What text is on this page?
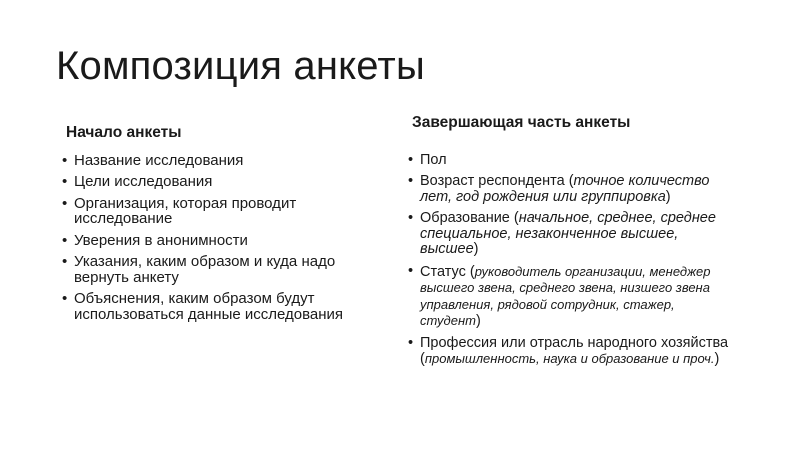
Композиция анкеты
Начало анкеты
• Название исследования
• Цели исследования
• Организация, которая проводит исследование
• Уверения в анонимности
• Указания, каким образом и куда надо вернуть анкету
• Объяснения, каким образом будут использоваться данные исследования
Завершающая часть анкеты
• Пол
• Возраст респондента (точное количество лет, год рождения или группировка)
• Образование (начальное, среднее, среднее специальное, незаконченное высшее, высшее)
• Статус (руководитель организации, менеджер высшего звена, среднего звена, низшего звена управления, рядовой сотрудник, стажер, студент)
• Профессия или отрасль народного хозяйства (промышленность, наука и образование и проч.)
